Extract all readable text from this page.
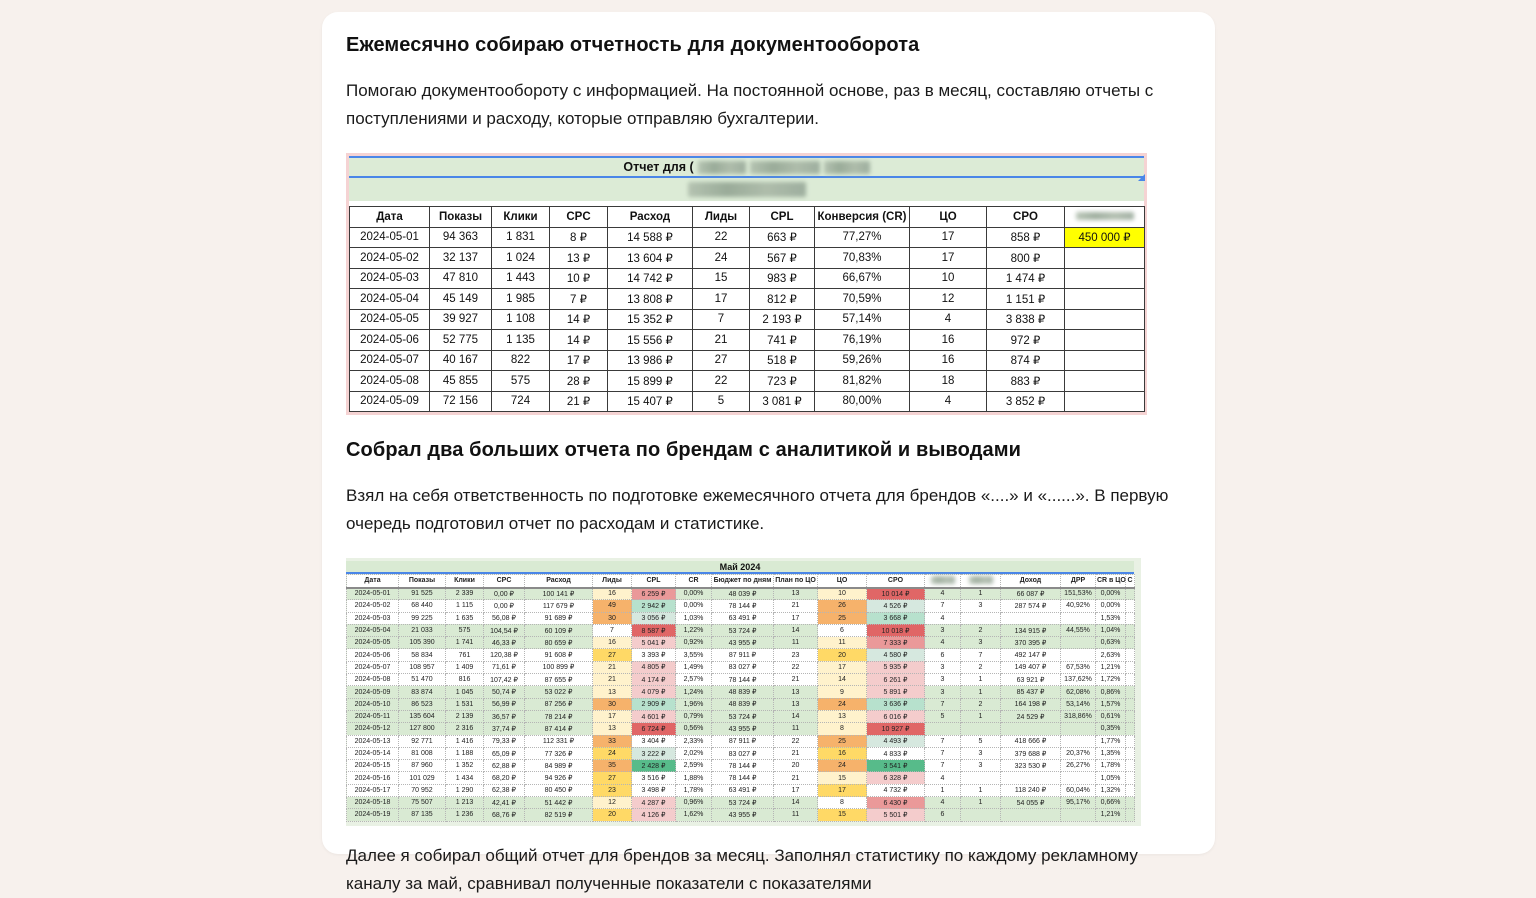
Ежемесячно собираю отчетность для документооборота

Помогаю документообороту с информацией. На постоянной основе, раз в месяц, составляю отчеты с поступлениями и расходу, которые отправляю бухгалтерии.

Отчет для (
Дата	Показы	Клики	CPC	Расход	Лиды	CPL	Конверсия (CR)	ЦО	CPO	
2024-05-01	94 363	1 831	8 ₽	14 588 ₽	22	663 ₽	77,27%	17	858 ₽	450 000 ₽
2024-05-02	32 137	1 024	13 ₽	13 604 ₽	24	567 ₽	70,83%	17	800 ₽	
2024-05-03	47 810	1 443	10 ₽	14 742 ₽	15	983 ₽	66,67%	10	1 474 ₽	
2024-05-04	45 149	1 985	7 ₽	13 808 ₽	17	812 ₽	70,59%	12	1 151 ₽	
2024-05-05	39 927	1 108	14 ₽	15 352 ₽	7	2 193 ₽	57,14%	4	3 838 ₽	
2024-05-06	52 775	1 135	14 ₽	15 556 ₽	21	741 ₽	76,19%	16	972 ₽	
2024-05-07	40 167	822	17 ₽	13 986 ₽	27	518 ₽	59,26%	16	874 ₽	
2024-05-08	45 855	575	28 ₽	15 899 ₽	22	723 ₽	81,82%	18	883 ₽	
2024-05-09	72 156	724	21 ₽	15 407 ₽	5	3 081 ₽	80,00%	4	3 852 ₽	
Собрал два больших отчета по брендам с аналитикой и выводами

Взял на себя ответственность по подготовке ежемесячного отчета для брендов «....» и «......». В первую очередь подготовил отчет по расходам и статистике.

Май 2024
Дата	Показы	Клики	CPC	Расход	Лиды	CPL	CR	Бюджет по дням	План по ЦО	ЦО	CPO			Доход	ДРР	CR в ЦО	С
2024-05-01	91 525	2 339	0,00 ₽	100 141 ₽	16	6 259 ₽	0,00%	48 039 ₽	13	10	10 014 ₽	4	1	66 087 ₽	151,53%	0,00%	
2024-05-02	68 440	1 115	0,00 ₽	117 679 ₽	49	2 942 ₽	0,00%	78 144 ₽	21	26	4 526 ₽	7	3	287 574 ₽	40,92%	0,00%	
2024-05-03	99 225	1 635	56,08 ₽	91 689 ₽	30	3 056 ₽	1,03%	63 491 ₽	17	25	3 668 ₽	4				1,53%	
2024-05-04	21 033	575	104,54 ₽	60 109 ₽	7	8 587 ₽	1,22%	53 724 ₽	14	6	10 018 ₽	3	2	134 915 ₽	44,55%	1,04%	
2024-05-05	105 390	1 741	46,33 ₽	80 659 ₽	16	5 041 ₽	0,92%	43 955 ₽	11	11	7 333 ₽	4	3	370 395 ₽		0,63%	
2024-05-06	58 834	761	120,38 ₽	91 608 ₽	27	3 393 ₽	3,55%	87 911 ₽	23	20	4 580 ₽	6	7	492 147 ₽		2,63%	
2024-05-07	108 957	1 409	71,61 ₽	100 899 ₽	21	4 805 ₽	1,49%	83 027 ₽	22	17	5 935 ₽	3	2	149 407 ₽	67,53%	1,21%	
2024-05-08	51 470	816	107,42 ₽	87 655 ₽	21	4 174 ₽	2,57%	78 144 ₽	21	14	6 261 ₽	3	1	63 921 ₽	137,62%	1,72%	
2024-05-09	83 874	1 045	50,74 ₽	53 022 ₽	13	4 079 ₽	1,24%	48 839 ₽	13	9	5 891 ₽	3	1	85 437 ₽	62,08%	0,86%	
2024-05-10	86 523	1 531	56,99 ₽	87 256 ₽	30	2 909 ₽	1,96%	48 839 ₽	13	24	3 636 ₽	7	2	164 198 ₽	53,14%	1,57%	
2024-05-11	135 604	2 139	36,57 ₽	78 214 ₽	17	4 601 ₽	0,79%	53 724 ₽	14	13	6 016 ₽	5	1	24 529 ₽	318,86%	0,61%	
2024-05-12	127 800	2 316	37,74 ₽	87 414 ₽	13	6 724 ₽	0,56%	43 955 ₽	11	8	10 927 ₽					0,35%	
2024-05-13	92 771	1 416	79,33 ₽	112 331 ₽	33	3 404 ₽	2,33%	87 911 ₽	22	25	4 493 ₽	7	5	418 666 ₽		1,77%	
2024-05-14	81 008	1 188	65,09 ₽	77 326 ₽	24	3 222 ₽	2,02%	83 027 ₽	21	16	4 833 ₽	7	3	379 688 ₽	20,37%	1,35%	
2024-05-15	87 960	1 352	62,88 ₽	84 989 ₽	35	2 428 ₽	2,59%	78 144 ₽	20	24	3 541 ₽	7	3	323 530 ₽	26,27%	1,78%	
2024-05-16	101 029	1 434	68,20 ₽	94 926 ₽	27	3 516 ₽	1,88%	78 144 ₽	21	15	6 328 ₽	4				1,05%	
2024-05-17	70 952	1 290	62,38 ₽	80 450 ₽	23	3 498 ₽	1,78%	63 491 ₽	17	17	4 732 ₽	1	1	118 240 ₽	60,04%	1,32%	
2024-05-18	75 507	1 213	42,41 ₽	51 442 ₽	12	4 287 ₽	0,96%	53 724 ₽	14	8	6 430 ₽	4	1	54 055 ₽	95,17%	0,66%	
2024-05-19	87 135	1 236	68,76 ₽	82 519 ₽	20	4 126 ₽	1,62%	43 955 ₽	11	15	5 501 ₽	6				1,21%	

Далее я собирал общий отчет для брендов за месяц. Заполнял статистику по каждому рекламному каналу за май, сравнивал полученные показатели с показателями
